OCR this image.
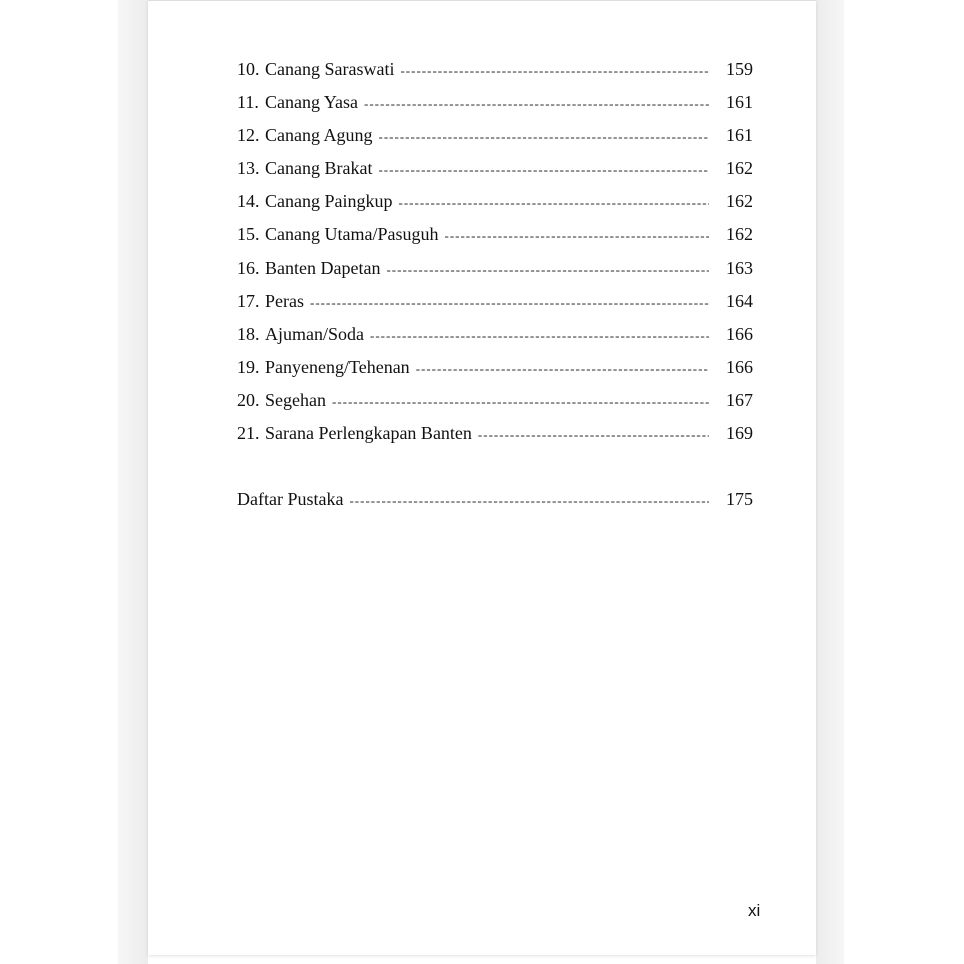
10. Canang Saraswati -----	159
11. Canang Yasa -----	161
12. Canang Agung -----	161
13. Canang Brakat -----	162
14. Canang Paingkup -----	162
15. Canang Utama/Pasuguh -----	162
16. Banten Dapetan -----	163
17. Peras -----	164
18. Ajuman/Soda -----	166
19. Panyeneng/Tehenan -----	166
20. Segehan -----	167
21. Sarana Perlengkapan Banten -----	169
Daftar Pustaka -----	175
xi
